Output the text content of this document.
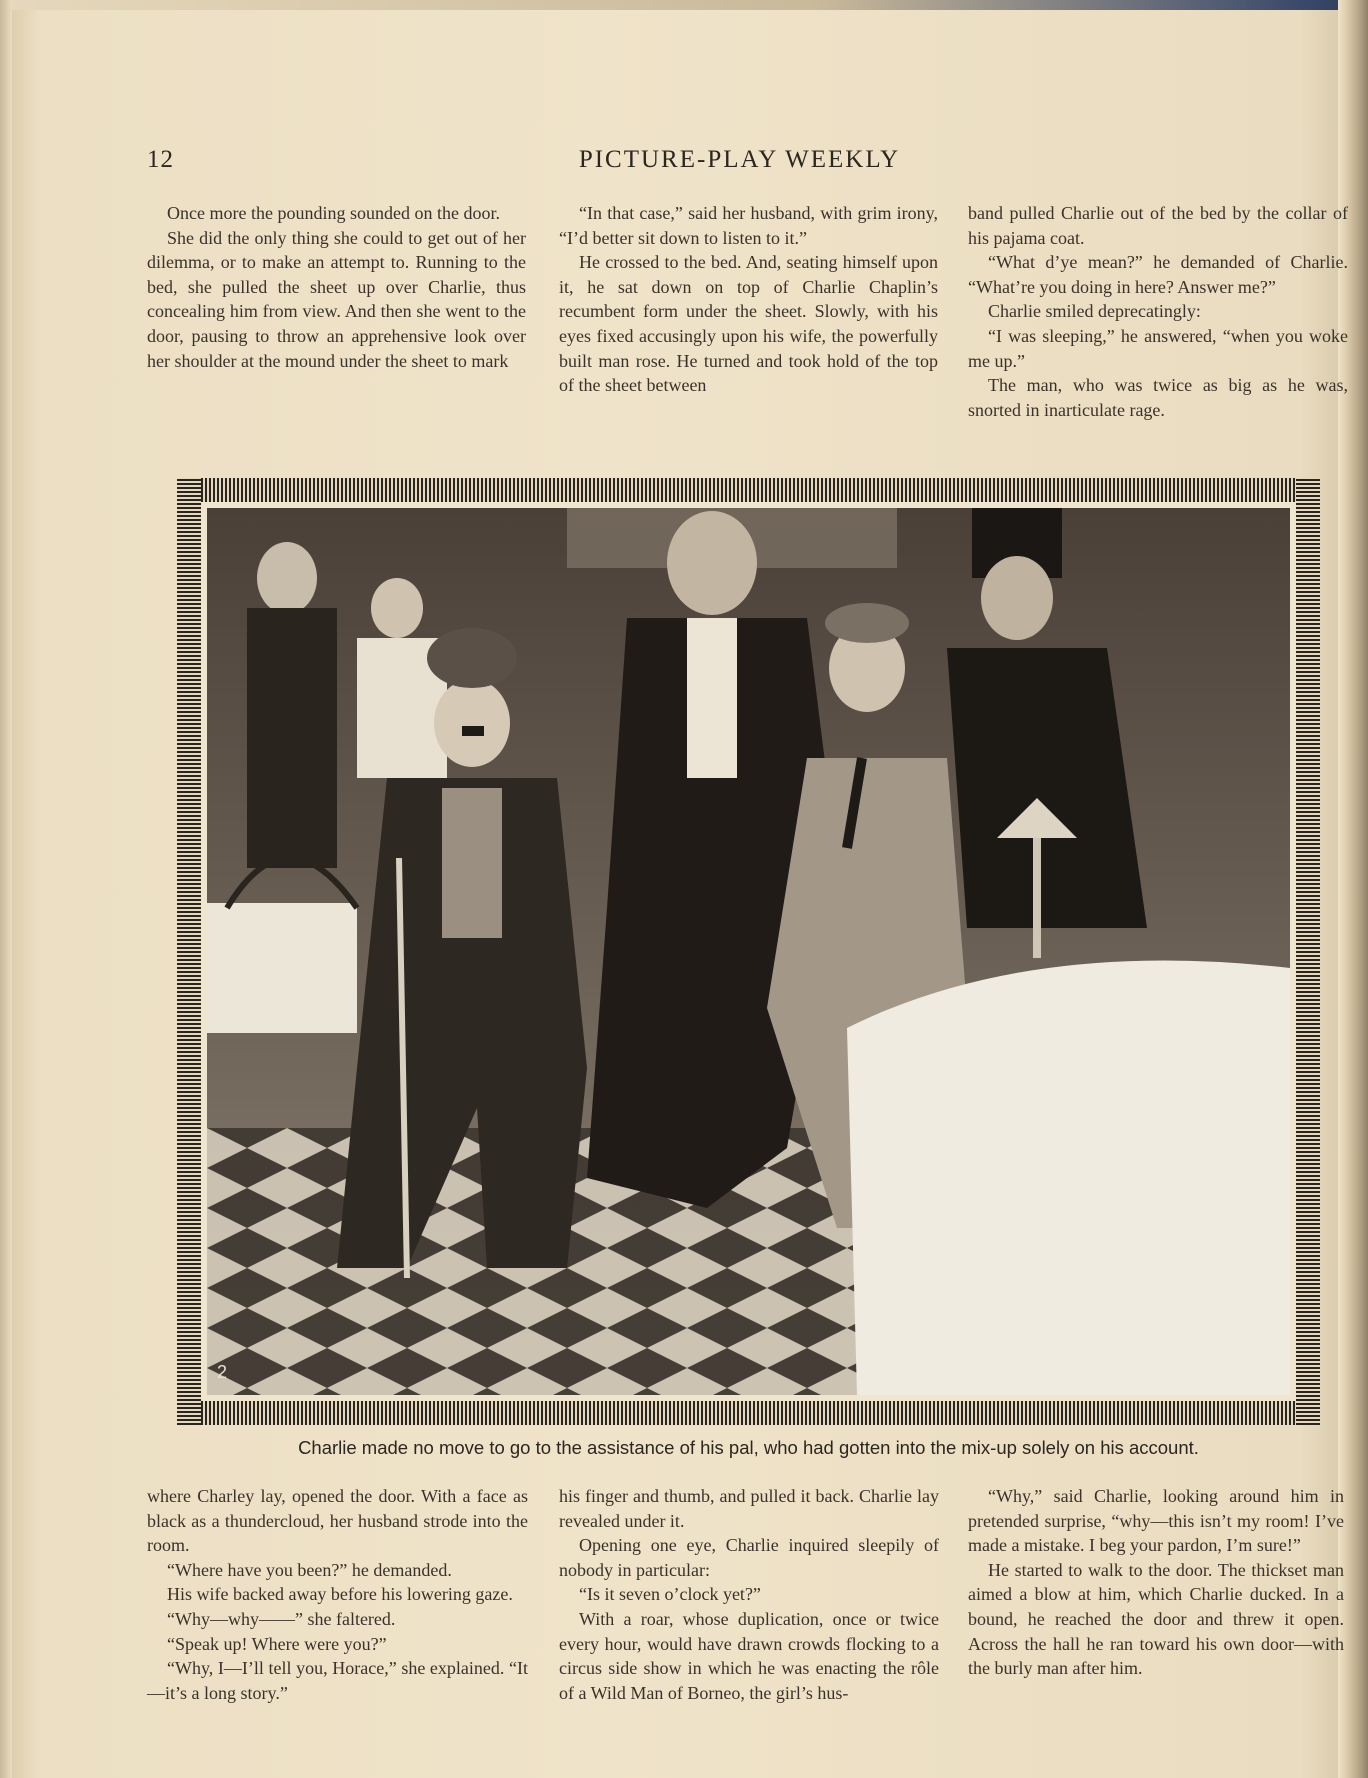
12	PICTURE-PLAY WEEKLY

Once more the pounding sounded on the door.

She did the only thing she could to get out of her dilemma, or to make an attempt to. Running to the bed, she pulled the sheet up over Charlie, thus concealing him from view. And then she went to the door, pausing to throw an apprehensive look over her shoulder at the mound under the sheet to mark

“In that case,” said her husband, with grim irony, “I’d better sit down to listen to it.”

He crossed to the bed. And, seating himself upon it, he sat down on top of Charlie Chaplin’s recumbent form under the sheet. Slowly, with his eyes fixed accusingly upon his wife, the powerfully built man rose. He turned and took hold of the top of the sheet between

band pulled Charlie out of the bed by the collar of his pajama coat.

“What d’ye mean?” he demanded of Charlie. “What’re you doing in here? Answer me?”

Charlie smiled deprecatingly:

“I was sleeping,” he answered, “when you woke me up.”

The man, who was twice as big as he was, snorted in inarticulate rage.

2
Charlie made no move to go to the assistance of his pal, who had gotten into the mix-up solely on his account.

where Charley lay, opened the door. With a face as black as a thundercloud, her husband strode into the room.

“Where have you been?” he demanded.

His wife backed away before his lowering gaze.

“Why—why——” she faltered.

“Speak up! Where were you?”

“Why, I—I’ll tell you, Horace,” she explained. “It—it’s a long story.”

his finger and thumb, and pulled it back. Charlie lay revealed under it.

Opening one eye, Charlie inquired sleepily of nobody in particular:

“Is it seven o’clock yet?”

With a roar, whose duplication, once or twice every hour, would have drawn crowds flocking to a circus side show in which he was enacting the rôle of a Wild Man of Borneo, the girl’s hus-

“Why,” said Charlie, looking around him in pretended surprise, “why—this isn’t my room! I’ve made a mistake. I beg your pardon, I’m sure!”

He started to walk to the door. The thickset man aimed a blow at him, which Charlie ducked. In a bound, he reached the door and threw it open. Across the hall he ran toward his own door—with the burly man after him.
